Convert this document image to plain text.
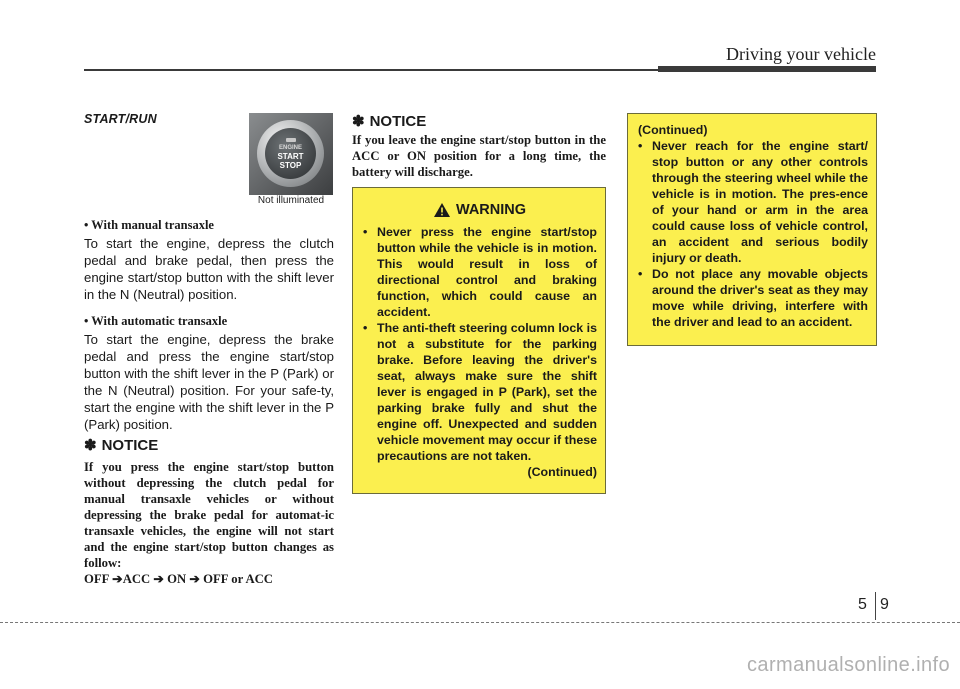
Driving your vehicle
START/RUN
ENGINE
START
STOP
Not illuminated
• With manual transaxle
To start the engine, depress the clutch pedal and brake pedal, then press the engine start/stop button with the shift lever in the N (Neutral) position.
• With automatic transaxle
To start the engine, depress the brake pedal and press the engine start/stop button with the shift lever in the P (Park) or the N (Neutral) position. For your safe-ty, start the engine with the shift lever in the P (Park) position.
✽ NOTICE
If you press the engine start/stop button without depressing the clutch pedal for manual transaxle vehicles or without depressing the brake pedal for automat-ic transaxle vehicles, the engine will not start and the engine start/stop button changes as follow:
OFF ➔ACC ➔ ON ➔ OFF or ACC
✽ NOTICE
If you leave the engine start/stop button in the ACC or ON position for a long time, the battery will discharge.
WARNING
• Never press the engine start/stop button while the vehicle is in motion. This would result in loss of directional control and braking function, which could cause an accident.
• The anti-theft steering column lock is not a substitute for the parking brake. Before leaving the driver's seat, always make sure the shift lever is engaged in P (Park), set the parking brake fully and shut the engine off. Unexpected and sudden vehicle movement may occur if these precautions are not taken.
(Continued)
(Continued)
• Never reach for the engine start/ stop button or any other controls through the steering wheel while the vehicle is in motion. The pres-ence of your hand or arm in the area could cause loss of vehicle control, an accident and serious bodily injury or death.
• Do not place any movable objects around the driver's seat as they may move while driving, interfere with the driver and lead to an accident.
5 9
carmanualsonline.info
